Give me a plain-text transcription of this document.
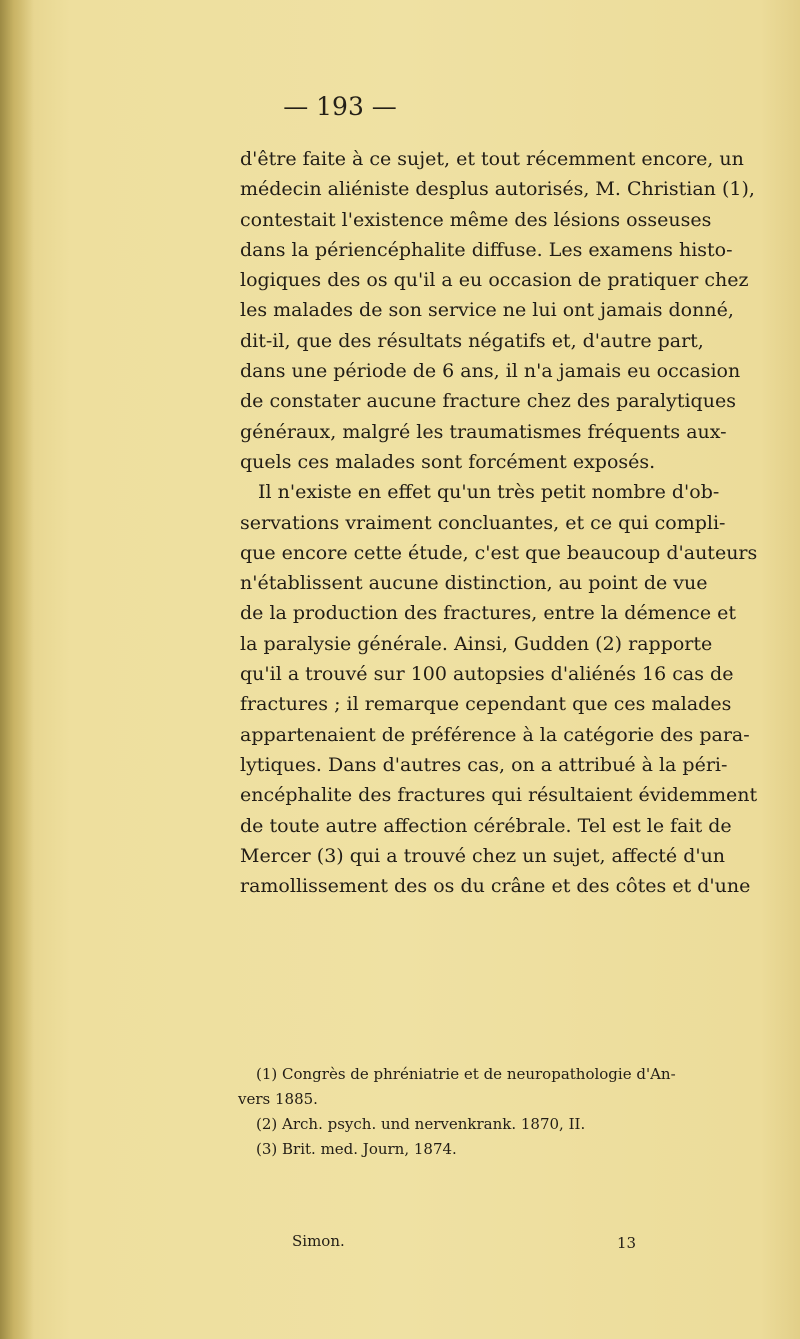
— 193 —
d'être faite à ce sujet, et tout récemment encore, un
médecin aliéniste desplus autorisés, M. Christian (1),
contestait l'existence même des lésions osseuses
dans la périencéphalite diffuse. Les examens histo-
logiques des os qu'il a eu occasion de pratiquer chez
les malades de son service ne lui ont jamais donné,
dit-il, que des résultats négatifs et, d'autre part,
dans une période de 6 ans, il n'a jamais eu occasion
de constater aucune fracture chez des paralytiques
généraux, malgré les traumatismes fréquents aux-
quels ces malades sont forcément exposés.
Il n'existe en effet qu'un très petit nombre d'ob-
servations vraiment concluantes, et ce qui compli-
que encore cette étude, c'est que beaucoup d'auteurs
n'établissent aucune distinction, au point de vue
de la production des fractures, entre la démence et
la paralysie générale. Ainsi, Gudden (2) rapporte
qu'il a trouvé sur 100 autopsies d'aliénés 16 cas de
fractures ; il remarque cependant que ces malades
appartenaient de préférence à la catégorie des para-
lytiques. Dans d'autres cas, on a attribué à la péri-
encéphalite des fractures qui résultaient évidemment
de toute autre affection cérébrale. Tel est le fait de
Mercer (3) qui a trouvé chez un sujet, affecté d'un
ramollissement des os du crâne et des côtes et d'une
(1) Congrès de phréniatrie et de neuropathologie d'An-
vers 1885.
(2) Arch. psych. und nervenkrank. 1870, II.
(3) Brit. med. Journ, 1874.
Simon.	13
